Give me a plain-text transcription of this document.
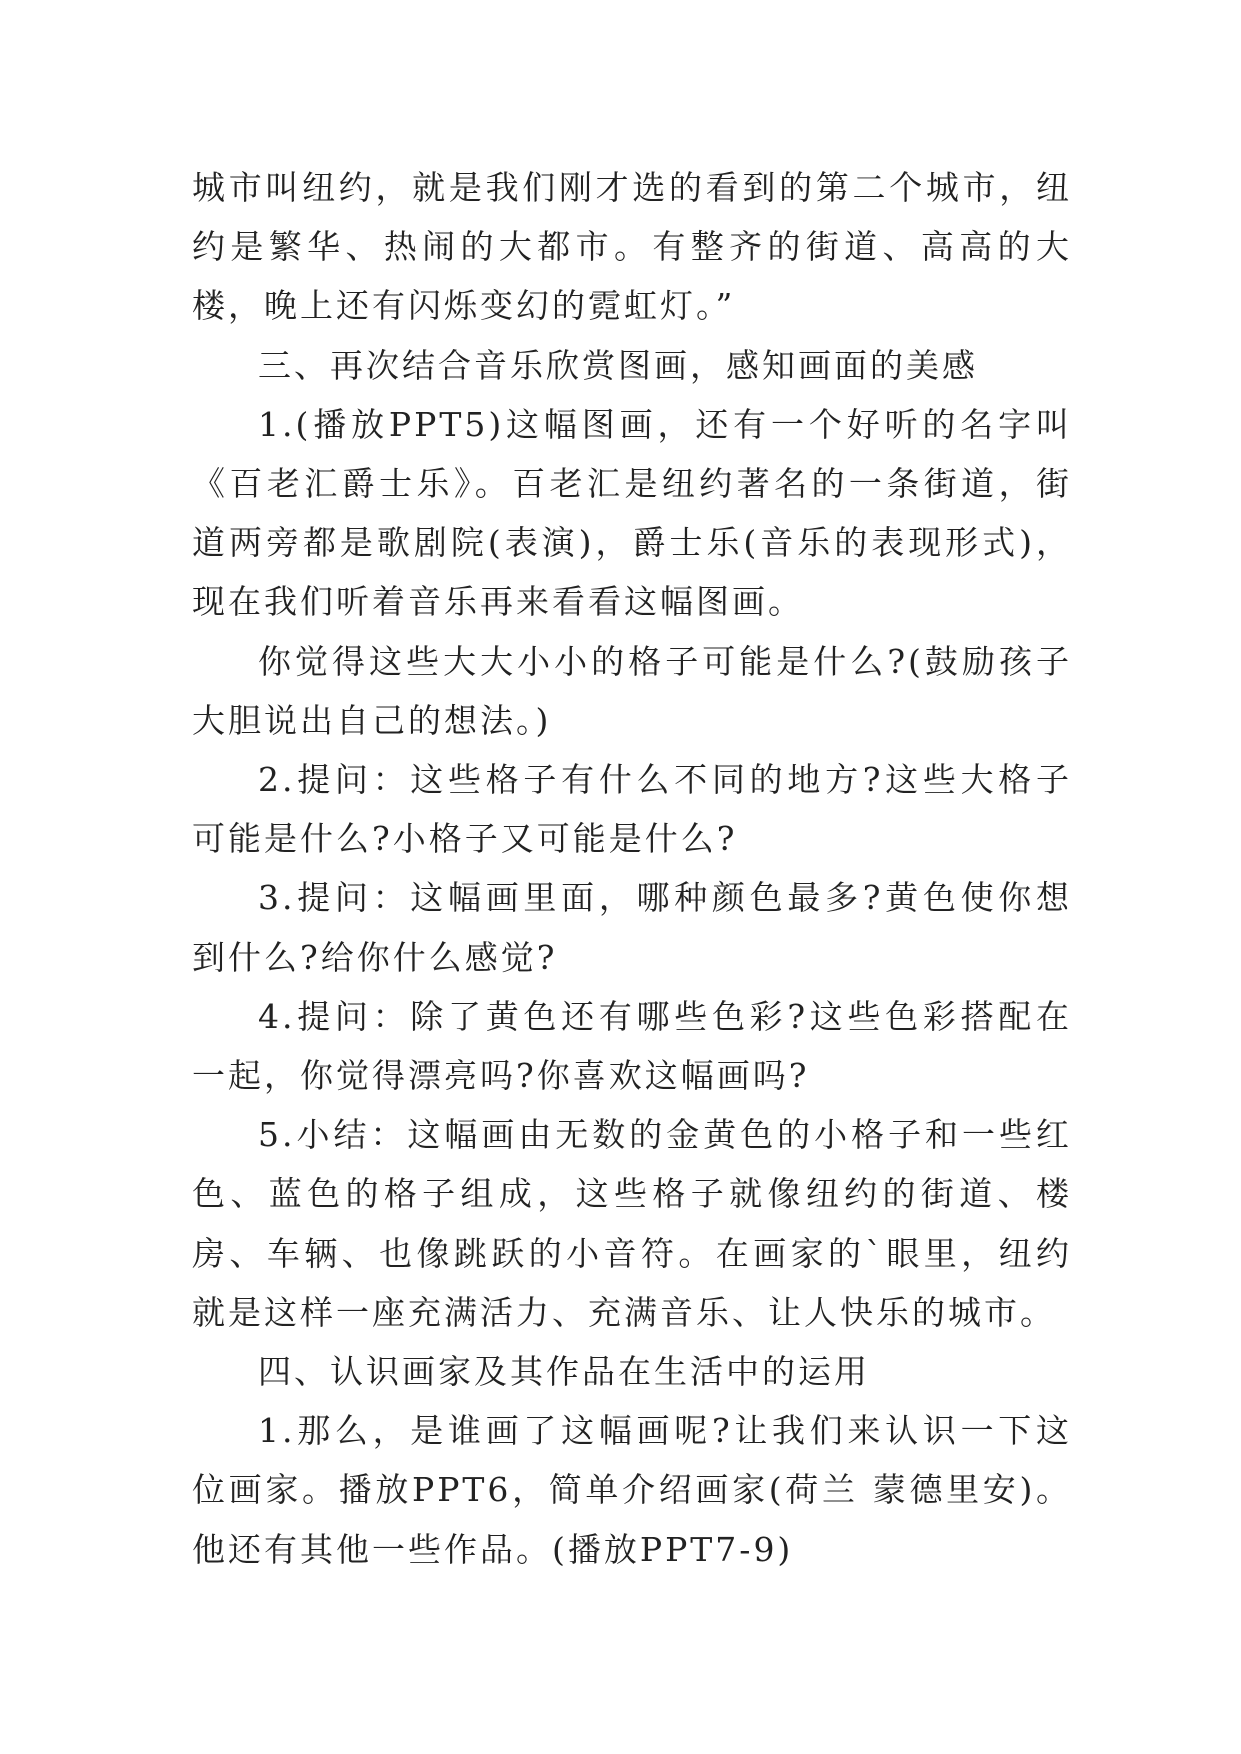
城市叫纽约，就是我们刚才选的看到的第二个城市，纽约是繁华、热闹的大都市。有整齐的街道、高高的大楼，晚上还有闪烁变幻的霓虹灯。”

三、再次结合音乐欣赏图画，感知画面的美感

1.(播放PPT5)这幅图画，还有一个好听的名字叫《百老汇爵士乐》。百老汇是纽约著名的一条街道，街道两旁都是歌剧院(表演)，爵士乐(音乐的表现形式)，现在我们听着音乐再来看看这幅图画。

你觉得这些大大小小的格子可能是什么?(鼓励孩子大胆说出自己的想法。)

2.提问：这些格子有什么不同的地方?这些大格子可能是什么?小格子又可能是什么?

3.提问：这幅画里面，哪种颜色最多?黄色使你想到什么?给你什么感觉?

4.提问：除了黄色还有哪些色彩?这些色彩搭配在一起，你觉得漂亮吗?你喜欢这幅画吗?

5.小结：这幅画由无数的金黄色的小格子和一些红色、蓝色的格子组成，这些格子就像纽约的街道、楼房、车辆、也像跳跃的小音符。在画家的`眼里，纽约就是这样一座充满活力、充满音乐、让人快乐的城市。

四、认识画家及其作品在生活中的运用

1.那么，是谁画了这幅画呢?让我们来认识一下这位画家。播放PPT6，简单介绍画家(荷兰 蒙德里安)。他还有其他一些作品。(播放PPT7-9)
